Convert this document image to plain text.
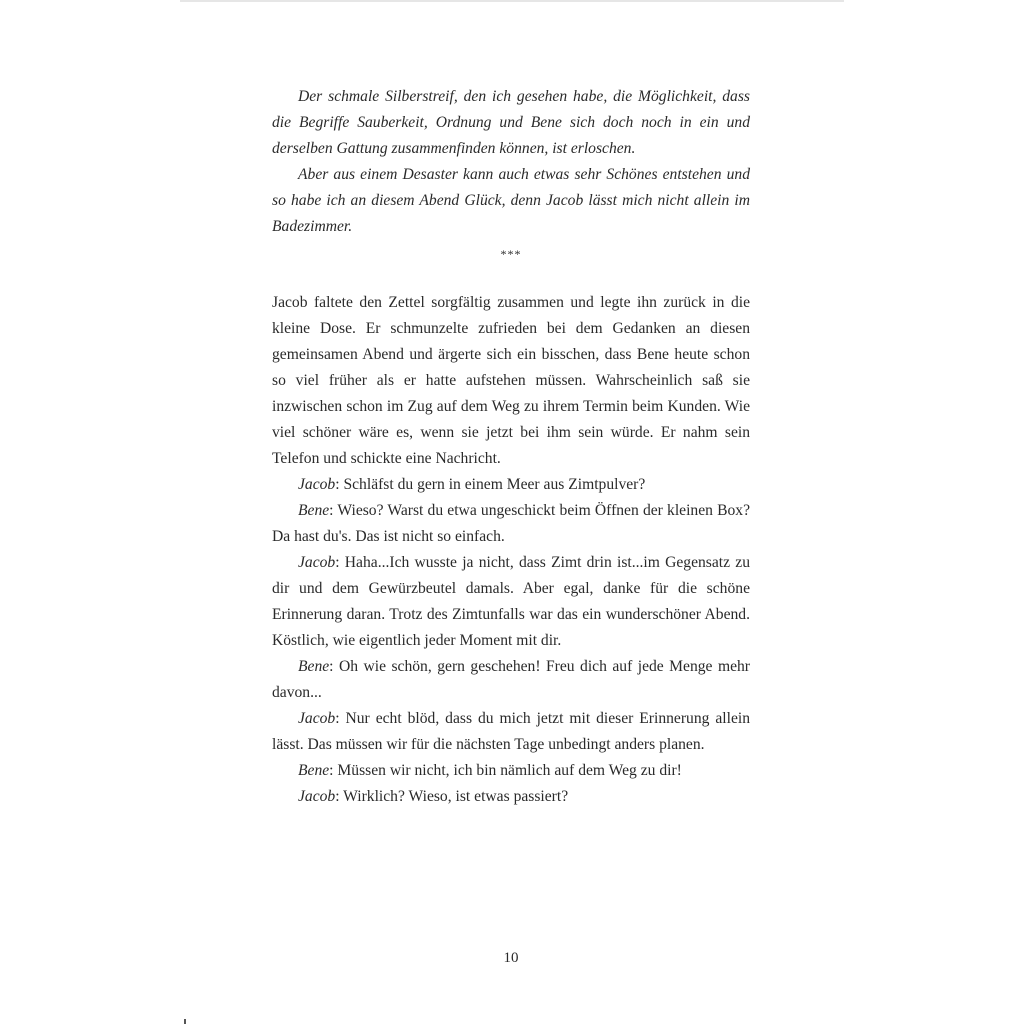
Der schmale Silberstreif, den ich gesehen habe, die Möglichkeit, dass die Begriffe Sauberkeit, Ordnung und Bene sich doch noch in ein und derselben Gattung zusammenfinden können, ist erloschen.

Aber aus einem Desaster kann auch etwas sehr Schönes entstehen und so habe ich an diesem Abend Glück, denn Jacob lässt mich nicht allein im Badezimmer.

***

Jacob faltete den Zettel sorgfältig zusammen und legte ihn zurück in die kleine Dose. Er schmunzelte zufrieden bei dem Gedanken an diesen gemeinsamen Abend und ärgerte sich ein bisschen, dass Bene heute schon so viel früher als er hatte aufstehen müssen. Wahrscheinlich saß sie inzwischen schon im Zug auf dem Weg zu ihrem Termin beim Kunden. Wie viel schöner wäre es, wenn sie jetzt bei ihm sein würde. Er nahm sein Telefon und schickte eine Nachricht.

Jacob: Schläfst du gern in einem Meer aus Zimtpulver?

Bene: Wieso? Warst du etwa ungeschickt beim Öffnen der kleinen Box? Da hast du's. Das ist nicht so einfach.

Jacob: Haha...Ich wusste ja nicht, dass Zimt drin ist...im Gegensatz zu dir und dem Gewürzbeutel damals. Aber egal, danke für die schöne Erinnerung daran. Trotz des Zimtunfalls war das ein wunderschöner Abend. Köstlich, wie eigentlich jeder Moment mit dir.

Bene: Oh wie schön, gern geschehen! Freu dich auf jede Menge mehr davon...

Jacob: Nur echt blöd, dass du mich jetzt mit dieser Erinnerung allein lässt. Das müssen wir für die nächsten Tage unbedingt anders planen.

Bene: Müssen wir nicht, ich bin nämlich auf dem Weg zu dir!

Jacob: Wirklich? Wieso, ist etwas passiert?

10
